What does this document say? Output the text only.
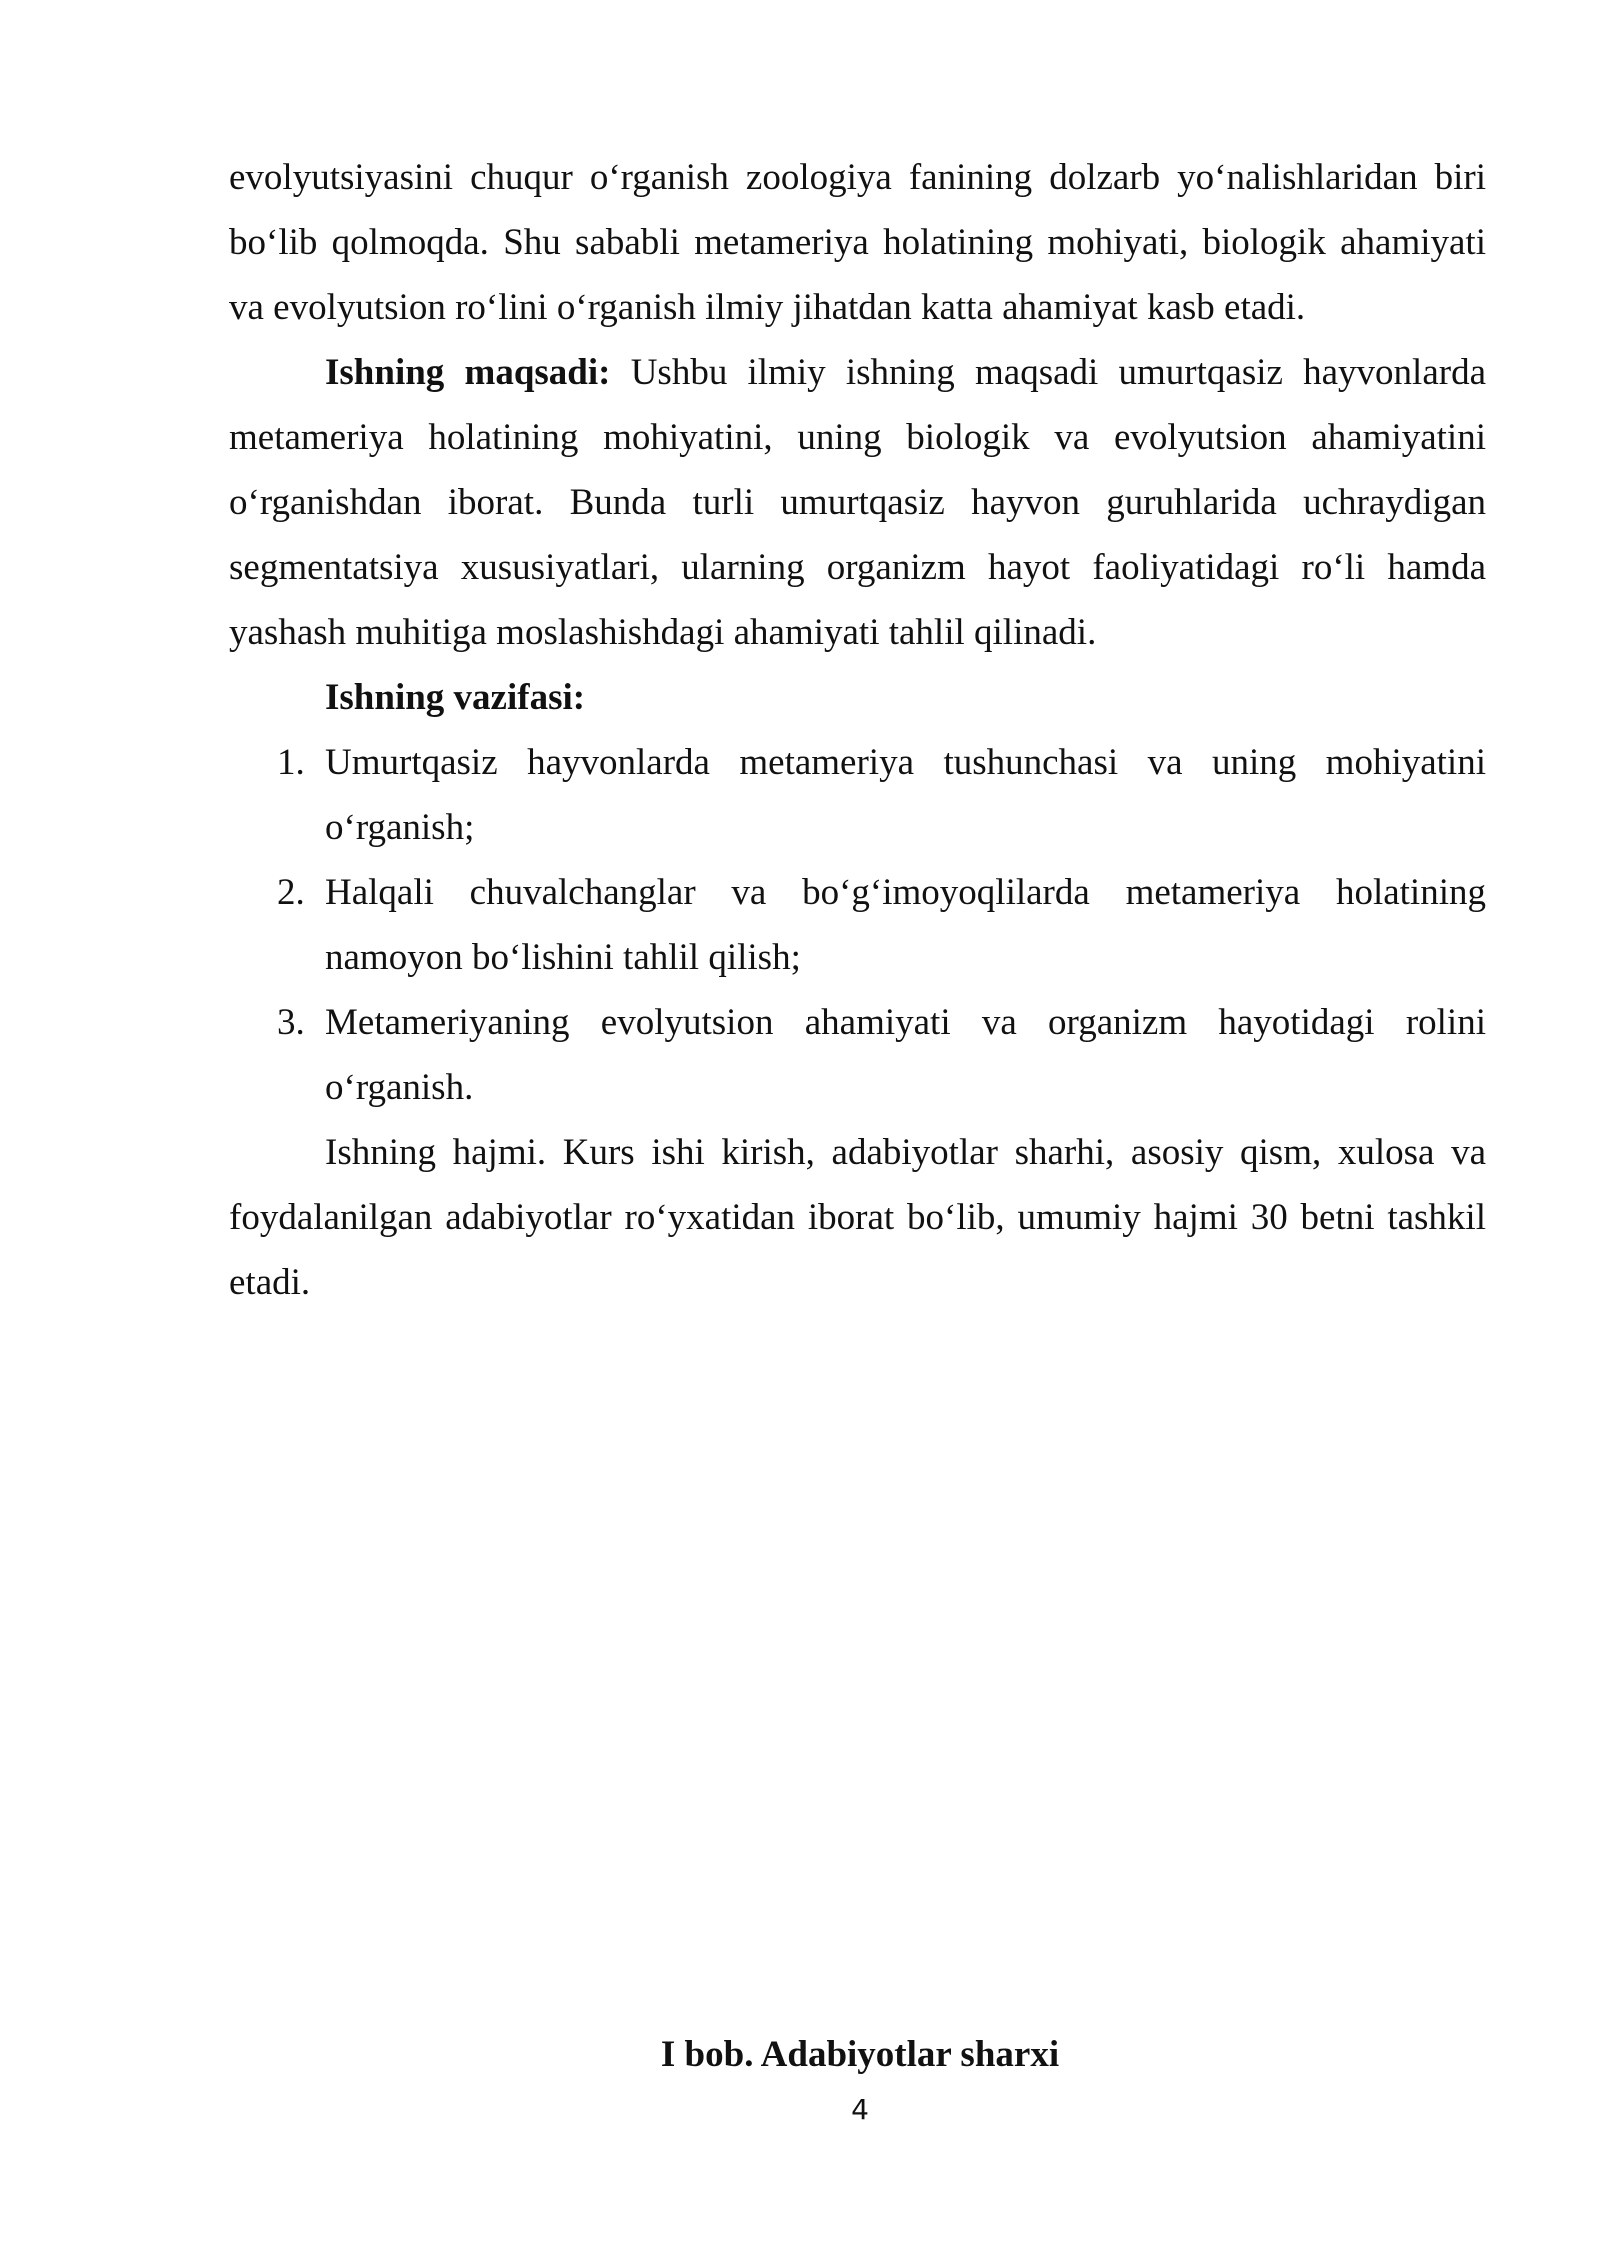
evolyutsiyasini chuqur o‘rganish zoologiya fanining dolzarb yo‘nalishlaridan biri bo‘lib qolmoqda. Shu sababli metameriya holatining mohiyati, biologik ahamiyati va evolyutsion ro‘lini o‘rganish ilmiy jihatdan katta ahamiyat kasb etadi.

Ishning maqsadi: Ushbu ilmiy ishning maqsadi umurtqasiz hayvonlarda metameriya holatining mohiyatini, uning biologik va evolyutsion ahamiyatini o‘rganishdan iborat. Bunda turli umurtqasiz hayvon guruhlarida uchraydigan segmentatsiya xususiyatlari, ularning organizm hayot faoliyatidagi ro‘li hamda yashash muhitiga moslashishdagi ahamiyati tahlil qilinadi.

Ishning vazifasi:

1. Umurtqasiz hayvonlarda metameriya tushunchasi va uning mohiyatini o‘rganish;
2. Halqali chuvalchanglar va bo‘g‘imoyoqlilarda metameriya holatining namoyon bo‘lishini tahlil qilish;
3. Metameriyaning evolyutsion ahamiyati va organizm hayotidagi rolini o‘rganish.

Ishning hajmi. Kurs ishi kirish, adabiyotlar sharhi, asosiy qism, xulosa va foydalanilgan adabiyotlar ro‘yxatidan iborat bo‘lib, umumiy hajmi 30 betni tashkil etadi.

I bob. Adabiyotlar sharxi
4
